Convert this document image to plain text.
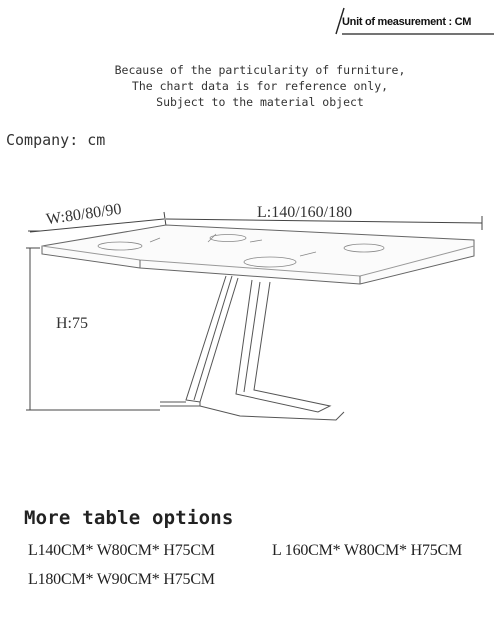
Unit of measurement : CM
Because of the particularity of furniture,
The chart data is for reference only,
Subject to the material object
Company: cm
W:80/80/90	L:140/160/180
H:75
More table options
L140CM* W80CM* H75CM	L 160CM* W80CM* H75CM
L180CM* W90CM* H75CM
